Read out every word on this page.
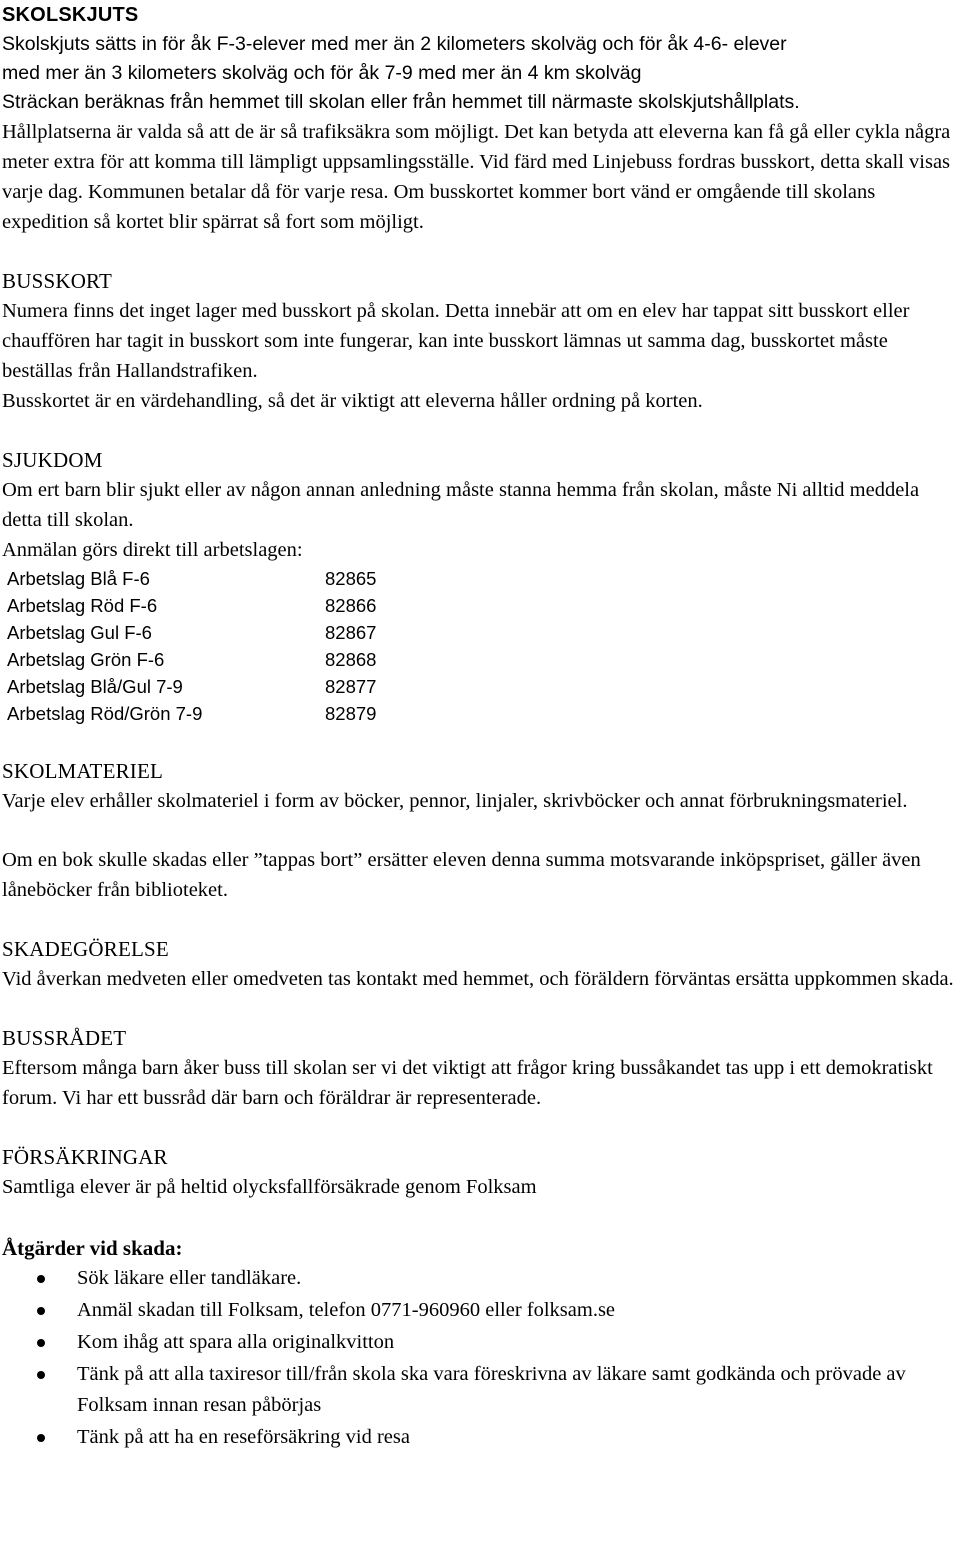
SKOLSKJUTS

Skolskjuts sätts in för åk F-3-elever med mer än 2 kilometers skolväg och för åk 4-6- elever

med mer än 3 kilometers skolväg och för åk 7-9 med mer än 4 km skolväg

Sträckan beräknas från hemmet till skolan eller från hemmet till närmaste skolskjutshållplats.

Hållplatserna är valda så att de är så trafiksäkra som möjligt. Det kan betyda att eleverna kan få gå eller cykla några meter extra för att komma till lämpligt uppsamlingsställe. Vid färd med Linjebuss fordras busskort, detta skall visas varje dag. Kommunen betalar då för varje resa. Om busskortet kommer bort vänd er omgående till skolans expedition så kortet blir spärrat så fort som möjligt.

BUSSKORT

Numera finns det inget lager med busskort på skolan. Detta innebär att om en elev har tappat sitt busskort eller chauffören har tagit in busskort som inte fungerar, kan inte busskort lämnas ut samma dag, busskortet måste beställas från Hallandstrafiken.

Busskortet är en värdehandling, så det är viktigt att eleverna håller ordning på korten.

SJUKDOM

Om ert barn blir sjukt eller av någon annan anledning måste stanna hemma från skolan, måste Ni alltid meddela detta till skolan.

Anmälan görs direkt till arbetslagen:

Arbetslag Blå F-6	82865
Arbetslag Röd F-6	82866
Arbetslag Gul F-6	82867
Arbetslag Grön F-6	82868
Arbetslag Blå/Gul 7-9	82877
Arbetslag Röd/Grön 7-9	82879
SKOLMATERIEL

Varje elev erhåller skolmateriel i form av böcker, pennor, linjaler, skrivböcker och annat förbrukningsmateriel.

Om en bok skulle skadas eller ”tappas bort” ersätter eleven denna summa motsvarande inköpspriset, gäller även låneböcker från biblioteket.

SKADEGÖRELSE

Vid åverkan medveten eller omedveten tas kontakt med hemmet, och föräldern förväntas ersätta uppkommen skada.

BUSSRÅDET

Eftersom många barn åker buss till skolan ser vi det viktigt att frågor kring bussåkandet tas upp i ett demokratiskt forum. Vi har ett bussråd där barn och föräldrar är representerade.

FÖRSÄKRINGAR

Samtliga elever är på heltid olycksfallförsäkrade genom Folksam

Åtgärder vid skada:
Sök läkare eller tandläkare.
Anmäl skadan till Folksam, telefon 0771-960960 eller folksam.se
Kom ihåg att spara alla originalkvitton
Tänk på att alla taxiresor till/från skola ska vara föreskrivna av läkare samt godkända och prövade av Folksam innan resan påbörjas
Tänk på att ha en reseförsäkring vid resa
